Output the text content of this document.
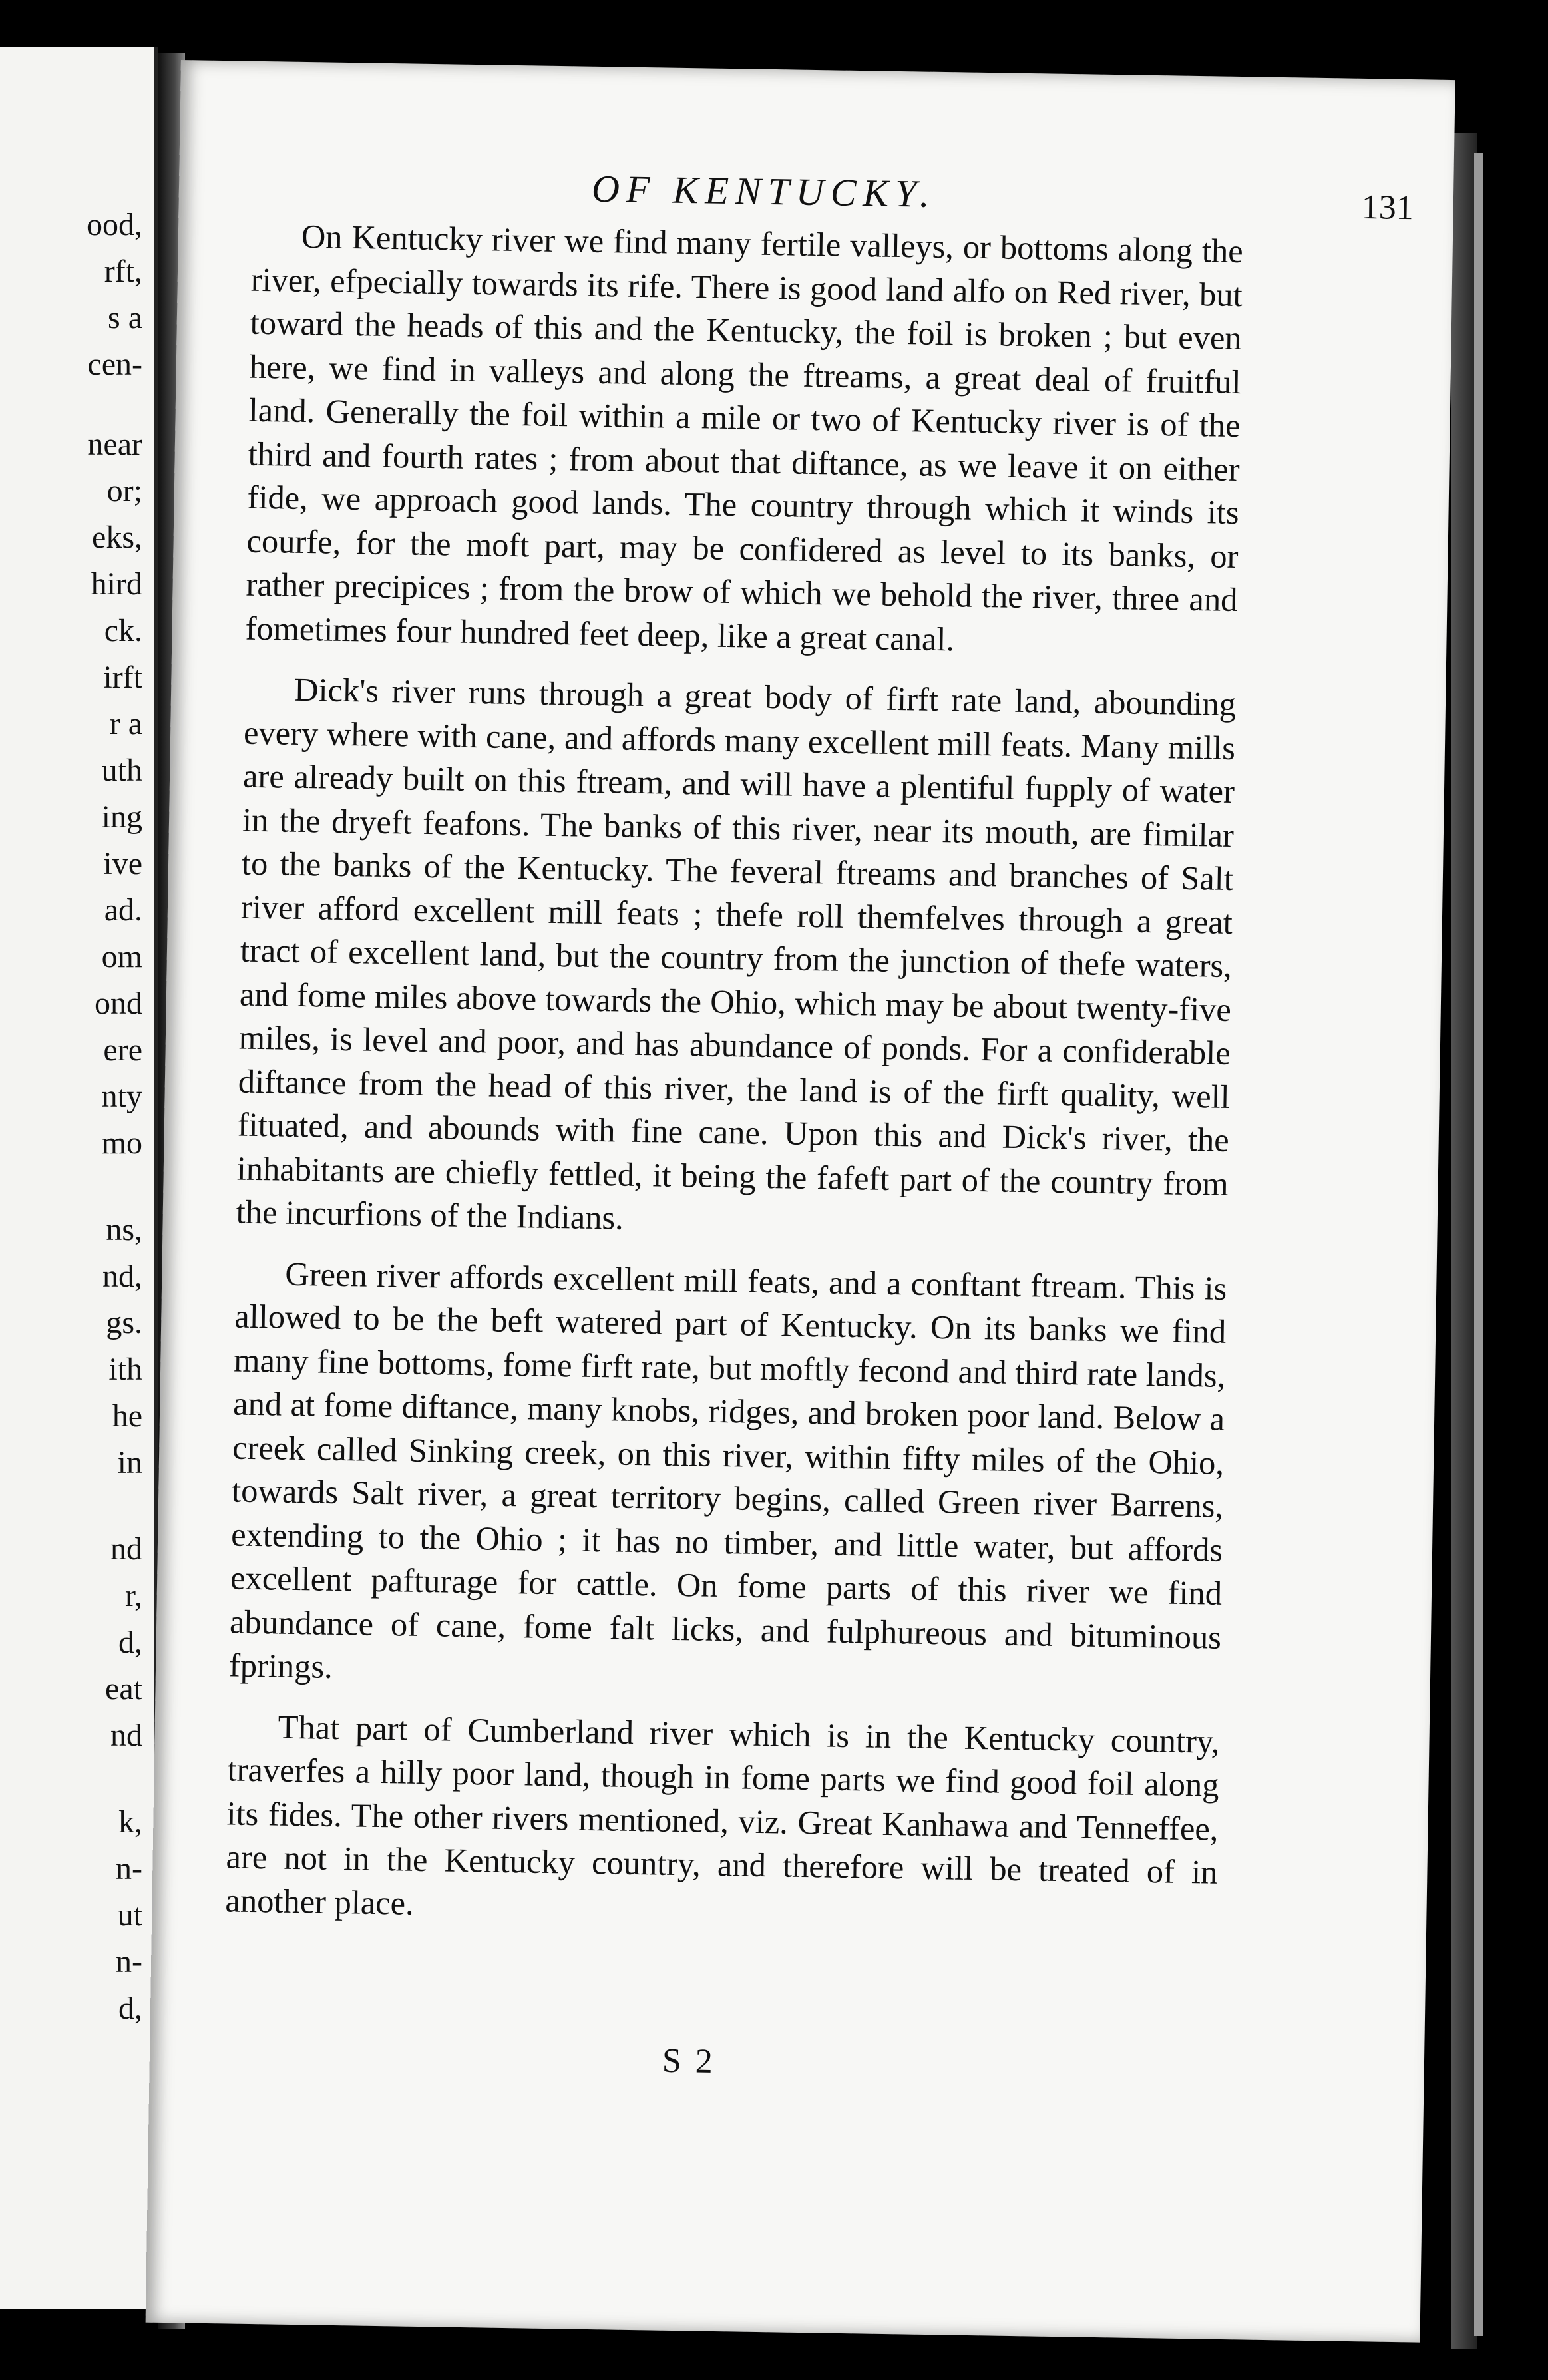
ood,
rft,
s a
cen-
near
or;
eks,
hird
ck.
irft
r a
uth
ing
ive
ad.
om
ond
ere
nty
mo
ns,
nd,
gs.
ith
he
in
nd
r,
d,
eat
nd
k,
n-
ut
n-
d,
OF KENTUCKY.	131

On Kentucky river we find many fertile valleys, or bottoms along the river, efpecially towards its rife. There is good land alfo on Red river, but toward the heads of this and the Kentucky, the foil is broken ; but even here, we find in valleys and along the ftreams, a great deal of fruitful land. Generally the foil within a mile or two of Kentucky river is of the third and fourth rates ; from about that diftance, as we leave it on either fide, we approach good lands. The country through which it winds its courfe, for the moft part, may be confidered as level to its banks, or rather precipices ; from the brow of which we behold the river, three and fometimes four hundred feet deep, like a great canal.

Dick's river runs through a great body of firft rate land, abounding every where with cane, and affords many excellent mill feats. Many mills are already built on this ftream, and will have a plentiful fupply of water in the dryeft feafons. The banks of this river, near its mouth, are fimilar to the banks of the Kentucky. The feveral ftreams and branches of Salt river afford excellent mill feats ; thefe roll themfelves through a great tract of excellent land, but the country from the junction of thefe waters, and fome miles above towards the Ohio, which may be about twenty-five miles, is level and poor, and has abundance of ponds. For a confiderable diftance from the head of this river, the land is of the firft quality, well fituated, and abounds with fine cane. Upon this and Dick's river, the inhabitants are chiefly fettled, it being the fafeft part of the country from the incurfions of the Indians.

Green river affords excellent mill feats, and a conftant ftream. This is allowed to be the beft watered part of Kentucky. On its banks we find many fine bottoms, fome firft rate, but moftly fecond and third rate lands, and at fome diftance, many knobs, ridges, and broken poor land. Below a creek called Sinking creek, on this river, within fifty miles of the Ohio, towards Salt river, a great territory begins, called Green river Barrens, extending to the Ohio ; it has no timber, and little water, but affords excellent pafturage for cattle. On fome parts of this river we find abundance of cane, fome falt licks, and fulphureous and bituminous fprings.

That part of Cumberland river which is in the Kentucky country, traverfes a hilly poor land, though in fome parts we find good foil along its fides. The other rivers mentioned, viz. Great Kanhawa and Tenneffee, are not in the Kentucky country, and therefore will be treated of in another place.

S 2
